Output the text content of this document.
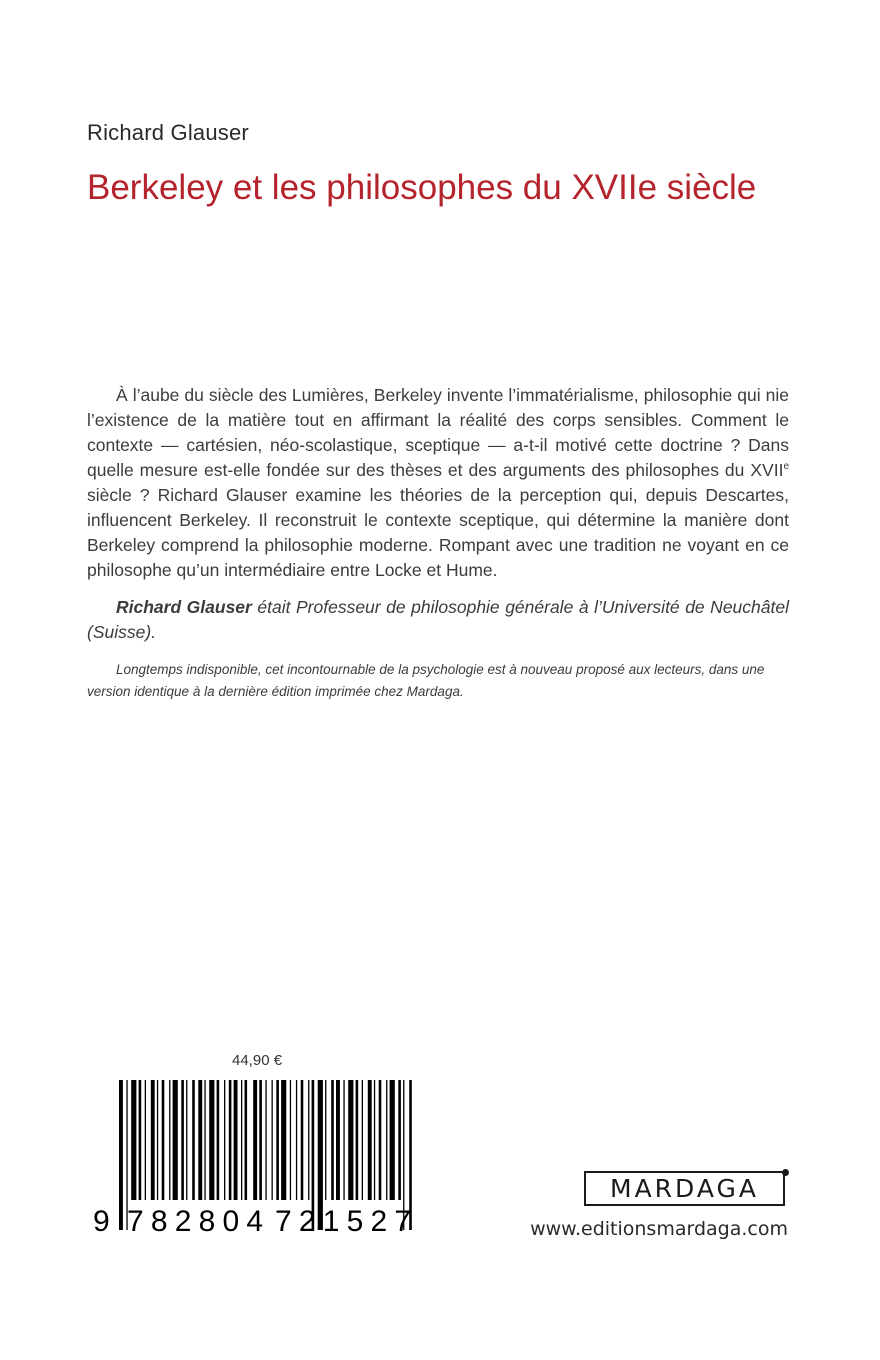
Richard Glauser
Berkeley et les philosophes du XVIIe siècle

À l’aube du siècle des Lumières, Berkeley invente l’immatérialisme, philosophie qui nie l’existence de la matière tout en affirmant la réalité des corps sensibles. Comment le contexte — cartésien, néo-scolastique, sceptique — a-t-il motivé cette doctrine ? Dans quelle mesure est-elle fondée sur des thèses et des arguments des philosophes du XVIIe siècle ? Richard Glauser examine les théories de la perception qui, depuis Descartes, influencent Berkeley. Il reconstruit le contexte sceptique, qui détermine la manière dont Berkeley comprend la philosophie moderne. Rompant avec une tradition ne voyant en ce philosophe qu’un intermédiaire entre Locke et Hume.

Richard Glauser était Professeur de philosophie générale à l’Université de Neuchâtel (Suisse).
Longtemps indisponible, cet incontournable de la psychologie est à nouveau proposé aux lecteurs, dans une version identique à la dernière édition imprimée chez Mardaga.
44,90 €
9 782804 721527
MARDAGA
www.editionsmardaga.com
